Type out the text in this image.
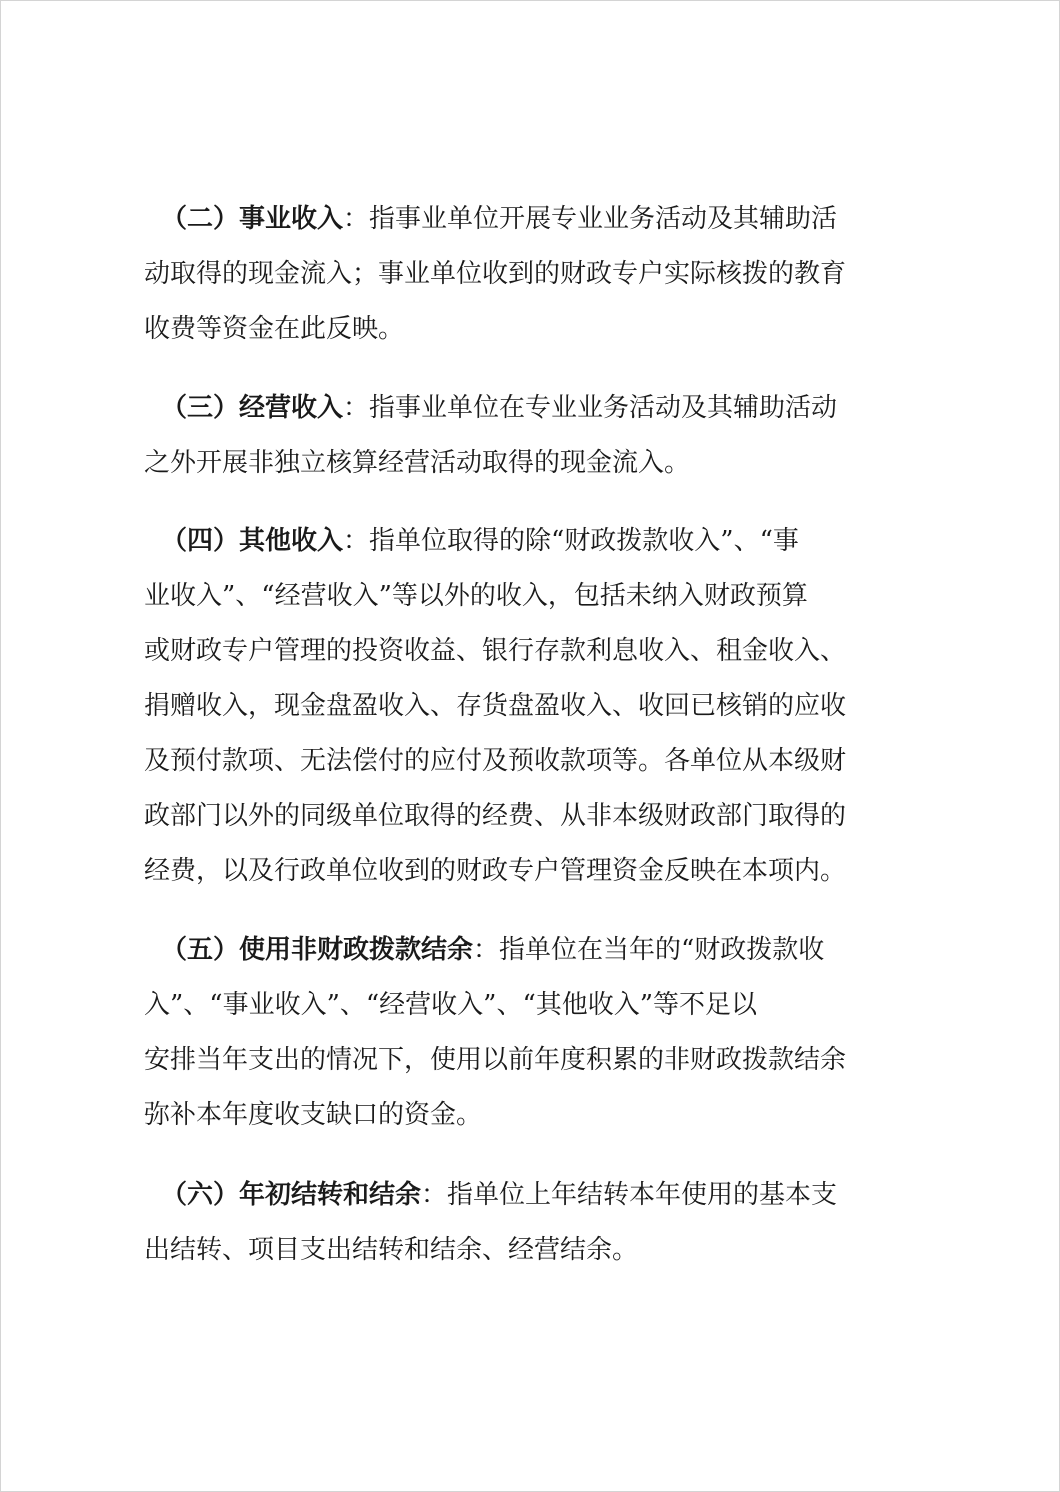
（二）事业收入：指事业单位开展专业业务活动及其辅助活
动取得的现金流入；事业单位收到的财政专户实际核拨的教育
收费等资金在此反映。
（三）经营收入：指事业单位在专业业务活动及其辅助活动
之外开展非独立核算经营活动取得的现金流入。
（四）其他收入：指单位取得的除“财政拨款收入”、“事
业收入”、“经营收入”等以外的收入，包括未纳入财政预算
或财政专户管理的投资收益、银行存款利息收入、租金收入、
捐赠收入，现金盘盈收入、存货盘盈收入、收回已核销的应收
及预付款项、无法偿付的应付及预收款项等。各单位从本级财
政部门以外的同级单位取得的经费、从非本级财政部门取得的
经费，以及行政单位收到的财政专户管理资金反映在本项内。
（五）使用非财政拨款结余：指单位在当年的“财政拨款收
入”、“事业收入”、“经营收入”、“其他收入”等不足以
安排当年支出的情况下，使用以前年度积累的非财政拨款结余
弥补本年度收支缺口的资金。
（六）年初结转和结余：指单位上年结转本年使用的基本支
出结转、项目支出结转和结余、经营结余。
